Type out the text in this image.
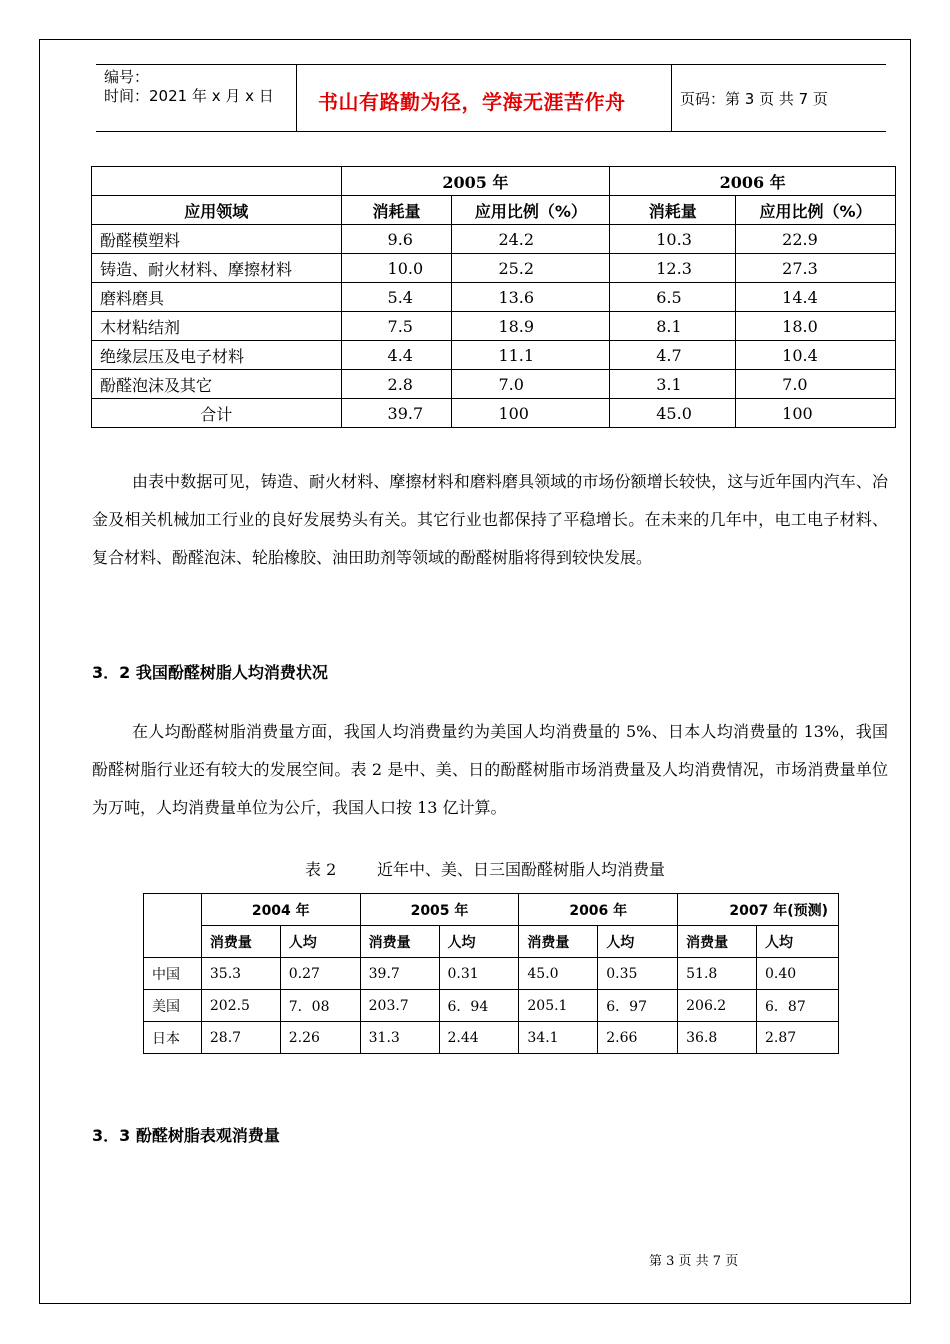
编号：
时间：2021 年 x 月 x 日 书山有路勤为径，学海无涯苦作舟	页码：第 3 页 共 7 页
	2005 年		2006 年	
应用领域	消耗量	应用比例（%）	消耗量	应用比例（%）
酚醛模塑料	9.6	24.2	10.3	22.9
铸造、耐火材料、摩擦材料	10.0	25.2	12.3	27.3
磨料磨具	5.4	13.6	6.5	14.4
木材粘结剂	7.5	18.9	8.1	18.0
绝缘层压及电子材料	4.4	11.1	4.7	10.4
酚醛泡沫及其它	2.8	7.0	3.1	7.0
合计	39.7	100	45.0	100
由表中数据可见，铸造、耐火材料、摩擦材料和磨料磨具领域的市场份额增长较快，这与近年国内汽车、冶金及相关机械加工行业的良好发展势头有关。其它行业也都保持了平稳增长。在未来的几年中，电工电子材料、复合材料、酚醛泡沫、轮胎橡胶、油田助剂等领域的酚醛树脂将得到较快发展。
3．2 我国酚醛树脂人均消费状况
在人均酚醛树脂消费量方面，我国人均消费量约为美国人均消费量的 5%、日本人均消费量的 13%，我国酚醛树脂行业还有较大的发展空间。表 2 是中、美、日的酚醛树脂市场消费量及人均消费情况，市场消费量单位为万吨，人均消费量单位为公斤，我国人口按 13 亿计算。
表 2        近年中、美、日三国酚醛树脂人均消费量
	2004 年		2005 年		2006 年		2007 年(预测)	
	消费量	人均	消费量	人均	消费量	人均	消费量	人均
中国	35.3	0.27	39.7	0.31	45.0	0.35	51.8	0.40
美国	202.5	7．08	203.7	6．94	205.1	6．97	206.2	6．87
日本	28.7	2.26	31.3	2.44	34.1	2.66	36.8	2.87
3．3 酚醛树脂表观消费量
第 3 页 共 7 页
